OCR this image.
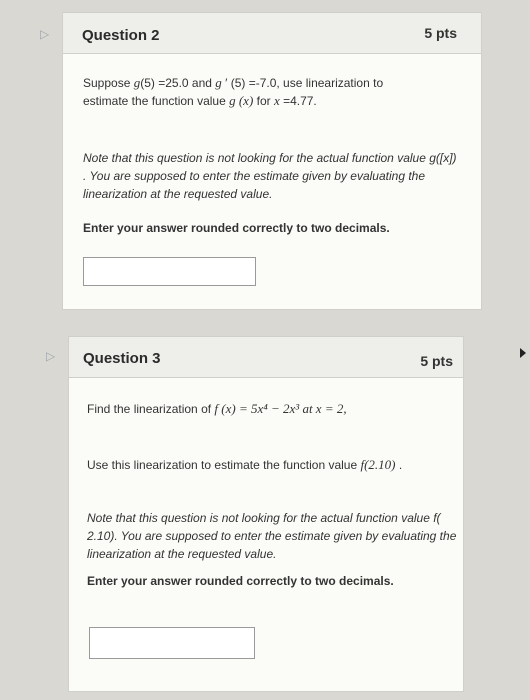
▷ Question 2	5 pts
Suppose g(5) =25.0 and g ′ (5) =-7.0, use linearization to
estimate the function value g (x) for x =4.77.
Note that this question is not looking for the actual function value g([x])
. You are supposed to enter the estimate given by evaluating the
linearization at the requested value.
Enter your answer rounded correctly to two decimals.
▷ Question 3	5 pts
Find the linearization of f (x) = 5x⁴ − 2x³ at x = 2,
Use this linearization to estimate the function value f(2.10) .
Note that this question is not looking for the actual function value f(
2.10). You are supposed to enter the estimate given by evaluating the
linearization at the requested value.
Enter your answer rounded correctly to two decimals.
